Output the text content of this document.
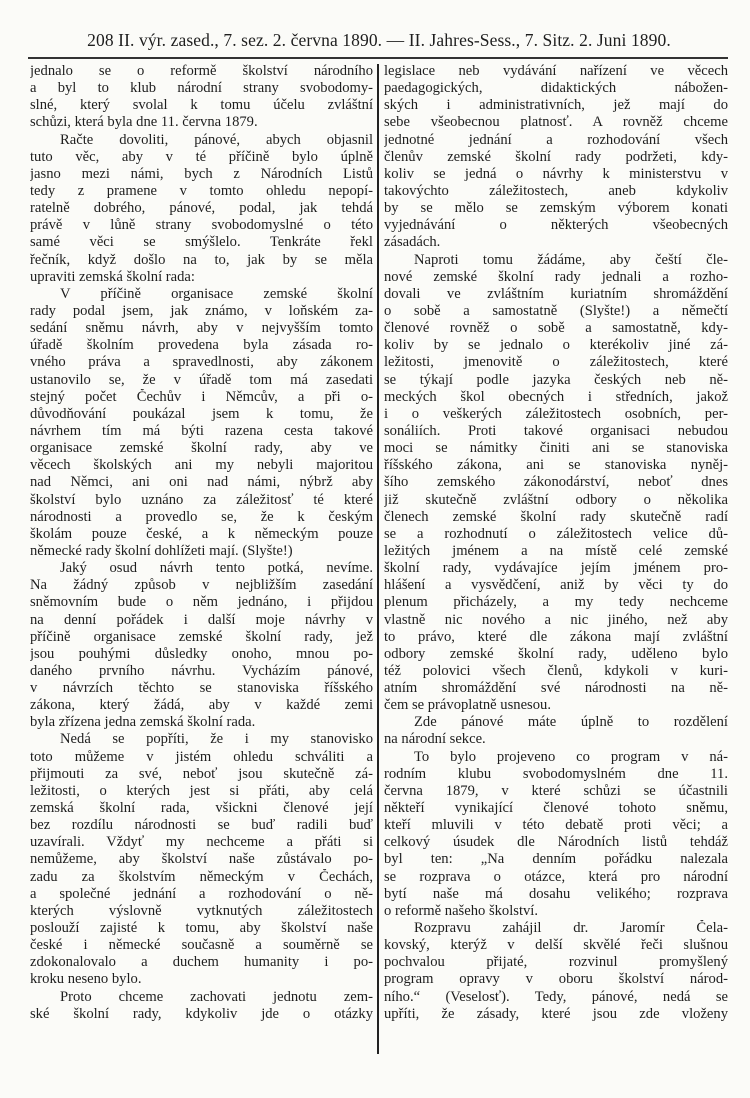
208 II. výr. zased., 7. sez. 2. června 1890. — II. Jahres-Sess., 7. Sitz. 2. Juni 1890.
jednalo se o reformě školství národního
a byl to klub národní strany svobodomy-
slné, který svolal k tomu účelu zvláštní
schůzi, která byla dne 11. června 1879.
Račte dovoliti, pánové, abych objasnil
tuto věc, aby v té příčině bylo úplně
jasno mezi námi, bych z Národních Listů
tedy z pramene v tomto ohledu nepopí-
ratelně dobrého, pánové, podal, jak tehdá
právě v lůně strany svobodomyslné o této
samé věci se smýšlelo. Tenkráte řekl
řečník, když došlo na to, jak by se měla
upraviti zemská školní rada:
V příčině organisace zemské školní
rady podal jsem, jak známo, v loňském za-
sedání sněmu návrh, aby v nejvyšším tomto
úřadě školním provedena byla zásada ro-
vného práva a spravedlnosti, aby zákonem
ustanovilo se, že v úřadě tom má zasedati
stejný počet Čechův i Němcův, a při o-
důvodňování poukázal jsem k tomu, že
návrhem tím má býti razena cesta takové
organisace zemské školní rady, aby ve
věcech školských ani my nebyli majoritou
nad Němci, ani oni nad námi, nýbrž aby
školství bylo uznáno za záležitosť té které
národnosti a provedlo se, že k českým
školám pouze české, a k německým pouze
německé rady školní dohlížeti mají. (Slyšte!)
Jaký osud návrh tento potká, nevíme.
Na žádný způsob v nejbližším zasedání
sněmovním bude o něm jednáno, i přijdou
na denní pořádek i další moje návrhy v
příčině organisace zemské školní rady, jež
jsou pouhými důsledky onoho, mnou po-
daného prvního návrhu. Vycházím pánové,
v návrzích těchto se stanoviska říšského
zákona, který žádá, aby v každé zemi
byla zřízena jedna zemská školní rada.
Nedá se popříti, že i my stanovisko
toto můžeme v jistém ohledu schváliti a
přijmouti za své, neboť jsou skutečně zá-
ležitosti, o kterých jest si přáti, aby celá
zemská školní rada, všickni členové její
bez rozdílu národnosti se buď radili buď
uzavírali. Vždyť my nechceme a přáti si
nemůžeme, aby školství naše zůstávalo po-
zadu za školstvím německým v Čechách,
a společné jednání a rozhodování o ně-
kterých výslovně vytknutých záležitostech
poslouží zajisté k tomu, aby školství naše
české i německé současně a souměrně se
zdokonalovalo a duchem humanity i po-
kroku neseno bylo.
Proto chceme zachovati jednotu zem-
ské školní rady, kdykoliv jde o otázky
legislace neb vydávání nařízení ve věcech
paedagogických, didaktických nábožen-
ských i administrativních, jež mají do
sebe všeobecnou platnosť. A rovněž chceme
jednotné jednání a rozhodování všech
členův zemské školní rady podržeti, kdy-
koliv se jedná o návrhy k ministerstvu v
takovýchto záležitostech, aneb kdykoliv
by se mělo se zemským výborem konati
vyjednávání o některých všeobecných
zásadách.
Naproti tomu žádáme, aby čeští čle-
nové zemské školní rady jednali a rozho-
dovali ve zvláštním kuriatním shromáždění
o sobě a samostatně (Slyšte!) a němečtí
členové rovněž o sobě a samostatně, kdy-
koliv by se jednalo o kterékoliv jiné zá-
ležitosti, jmenovitě o záležitostech, které
se týkají podle jazyka českých neb ně-
meckých škol obecných i středních, jakož
i o veškerých záležitostech osobních, per-
sonáliích. Proti takové organisaci nebudou
moci se námitky činiti ani se stanoviska
říšského zákona, ani se stanoviska nyněj-
šího zemského zákonodárství, neboť dnes
již skutečně zvláštní odbory o několika
členech zemské školní rady skutečně radí
se a rozhodnutí o záležitostech velice dů-
ležitých jménem a na místě celé zemské
školní rady, vydávajíce jejím jménem pro-
hlášení a vysvědčení, aniž by věci ty do
plenum přicházely, a my tedy nechceme
vlastně nic nového a nic jiného, než aby
to právo, které dle zákona mají zvláštní
odbory zemské školní rady, uděleno bylo
též polovici všech členů, kdykoli v kuri-
atním shromáždění své národnosti na ně-
čem se právoplatně usnesou.
Zde pánové máte úplně to rozdělení
na národní sekce.
To bylo projeveno co program v ná-
rodním klubu svobodomyslném dne 11.
června 1879, v které schůzi se účastnili
někteří vynikající členové tohoto sněmu,
kteří mluvili v této debatě proti věci; a
celkový úsudek dle Národních listů tehdáž
byl ten: „Na denním pořádku nalezala
se rozprava o otázce, která pro národní
bytí naše má dosahu velikého; rozprava
o reformě našeho školství.
Rozpravu zahájil dr. Jaromír Čela-
kovský, kterýž v delší skvělé řeči slušnou
pochvalou přijaté, rozvinul promyšlený
program opravy v oboru školství národ-
ního.“ (Veselosť). Tedy, pánové, nedá se
upříti, že zásady, které jsou zde vloženy
